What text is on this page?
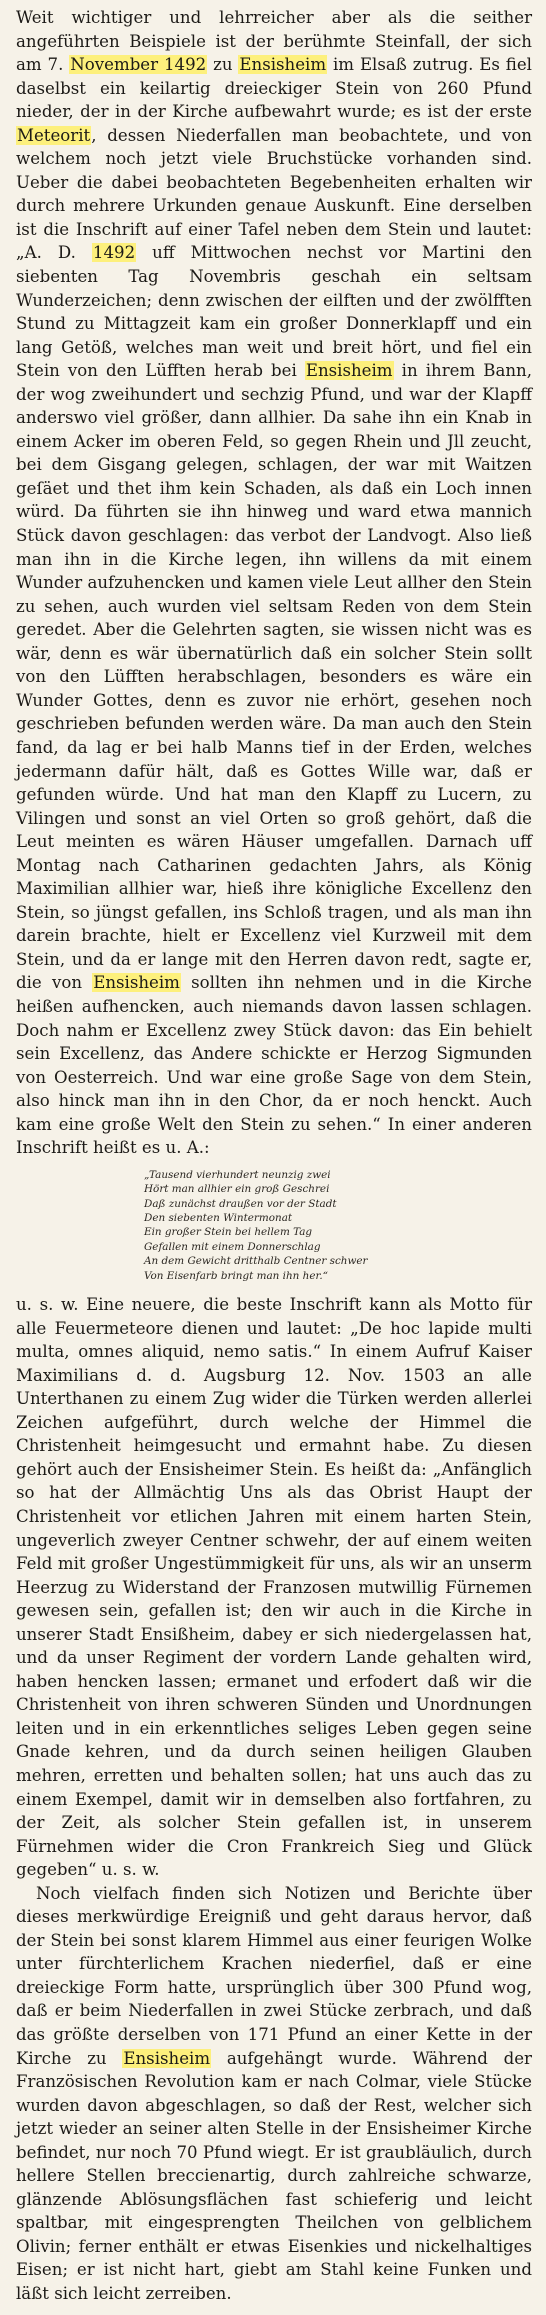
Weit wichtiger und lehrreicher aber als die seither angeführten Beispiele ist der berühmte Steinfall, der sich am 7. November 1492 zu Ensisheim im Elsaß zutrug. Es fiel daselbst ein keilartig dreieckiger Stein von 260 Pfund nieder, der in der Kirche aufbewahrt wurde; es ist der erste Meteorit, dessen Niederfallen man beobachtete, und von welchem noch jetzt viele Bruchstücke vorhanden sind. Ueber die dabei beobachteten Begebenheiten erhalten wir durch mehrere Urkunden genaue Auskunft. Eine derselben ist die Inschrift auf einer Tafel neben dem Stein und lautet: „A. D. 1492 uff Mittwochen nechst vor Martini den siebenten Tag Novembris geschah ein seltsam Wunderzeichen; denn zwischen der eilften und der zwölfften Stund zu Mittagzeit kam ein großer Donnerklapff und ein lang Getöß, welches man weit und breit hört, und fiel ein Stein von den Lüfften herab bei Ensisheim in ihrem Bann, der wog zweihundert und sechzig Pfund, und war der Klapff anderswo viel größer, dann allhier. Da sahe ihn ein Knab in einem Acker im oberen Feld, so gegen Rhein und Jll zeucht, bei dem Gisgang gelegen, schlagen, der war mit Waitzen geſäet und thet ihm kein Schaden, als daß ein Loch innen würd. Da führten sie ihn hinweg und ward etwa mannich Stück davon geschlagen: das verbot der Landvogt. Also ließ man ihn in die Kirche legen, ihn willens da mit einem Wunder aufzuhencken und kamen viele Leut allher den Stein zu sehen, auch wurden viel seltsam Reden von dem Stein geredet. Aber die Gelehrten sagten, sie wissen nicht was es wär, denn es wär übernatürlich daß ein solcher Stein sollt von den Lüfften herabschlagen, besonders es wäre ein Wunder Gottes, denn es zuvor nie erhört, gesehen noch geschrieben befunden werden wäre. Da man auch den Stein fand, da lag er bei halb Manns tief in der Erden, welches jedermann dafür hält, daß es Gottes Wille war, daß er gefunden würde. Und hat man den Klapff zu Lucern, zu Vilingen und sonst an viel Orten so groß gehört, daß die Leut meinten es wären Häuser umgefallen. Darnach uff Montag nach Catharinen gedachten Jahrs, als König Maximilian allhier war, hieß ihre königliche Excellenz den Stein, so jüngst gefallen, ins Schloß tragen, und als man ihn darein brachte, hielt er Excellenz viel Kurzweil mit dem Stein, und da er lange mit den Herren davon redt, sagte er, die von Ensisheim sollten ihn nehmen und in die Kirche heißen aufhencken, auch niemands davon lassen schlagen. Doch nahm er Excellenz zwey Stück davon: das Ein behielt sein Excellenz, das Andere schickte er Herzog Sigmunden von Oesterreich. Und war eine große Sage von dem Stein, also hinck man ihn in den Chor, da er noch henckt. Auch kam eine große Welt den Stein zu sehen.“ In einer anderen Inschrift heißt es u. A.:

„Tausend vierhundert neunzig zwei
Hört man allhier ein groß Geschrei
Daß zunächst draußen vor der Stadt
Den siebenten Wintermonat
Ein großer Stein bei hellem Tag
Gefallen mit einem Donnerschlag
An dem Gewicht dritthalb Centner schwer
Von Eisenfarb bringt man ihn her.“

u. s. w. Eine neuere, die beste Inschrift kann als Motto für alle Feuermeteore dienen und lautet: „De hoc lapide multi multa, omnes aliquid, nemo satis.“ In einem Aufruf Kaiser Maximilians d. d. Augsburg 12. Nov. 1503 an alle Unterthanen zu einem Zug wider die Türken werden allerlei Zeichen aufgeführt, durch welche der Himmel die Christenheit heimgesucht und ermahnt habe. Zu diesen gehört auch der Ensisheimer Stein. Es heißt da: „Anfänglich so hat der Allmächtig Uns als das Obrist Haupt der Christenheit vor etlichen Jahren mit einem harten Stein, ungeverlich zweyer Centner schwehr, der auf einem weiten Feld mit großer Ungestümmigkeit für uns, als wir an unserm Heerzug zu Widerstand der Franzosen mutwillig Fürnemen gewesen sein, gefallen ist; den wir auch in die Kirche in unserer Stadt Ensißheim, dabey er sich niedergelassen hat, und da unser Regiment der vordern Lande gehalten wird, haben hencken lassen; ermanet und erfodert daß wir die Christenheit von ihren schweren Sünden und Unordnungen leiten und in ein erkenntliches seliges Leben gegen seine Gnade kehren, und da durch seinen heiligen Glauben mehren, erretten und behalten sollen; hat uns auch das zu einem Exempel, damit wir in demselben also fortfahren, zu der Zeit, als solcher Stein gefallen ist, in unserem Fürnehmen wider die Cron Frankreich Sieg und Glück gegeben“ u. s. w.

Noch vielfach finden sich Notizen und Berichte über dieses merkwürdige Ereigniß und geht daraus hervor, daß der Stein bei sonst klarem Himmel aus einer feurigen Wolke unter fürchterlichem Krachen niederfiel, daß er eine dreieckige Form hatte, ursprünglich über 300 Pfund wog, daß er beim Niederfallen in zwei Stücke zerbrach, und daß das größte derselben von 171 Pfund an einer Kette in der Kirche zu Ensisheim aufgehängt wurde. Während der Französischen Revolution kam er nach Colmar, viele Stücke wurden davon abgeschlagen, so daß der Rest, welcher sich jetzt wieder an seiner alten Stelle in der Ensisheimer Kirche befindet, nur noch 70 Pfund wiegt. Er ist graubläulich, durch hellere Stellen breccienartig, durch zahlreiche schwarze, glänzende Ablösungsflächen fast schieferig und leicht spaltbar, mit eingesprengten Theilchen von gelblichem Olivin; ferner enthält er etwas Eisenkies und nickelhaltiges Eisen; er ist nicht hart, giebt am Stahl keine Funken und läßt sich leicht zerreiben.
